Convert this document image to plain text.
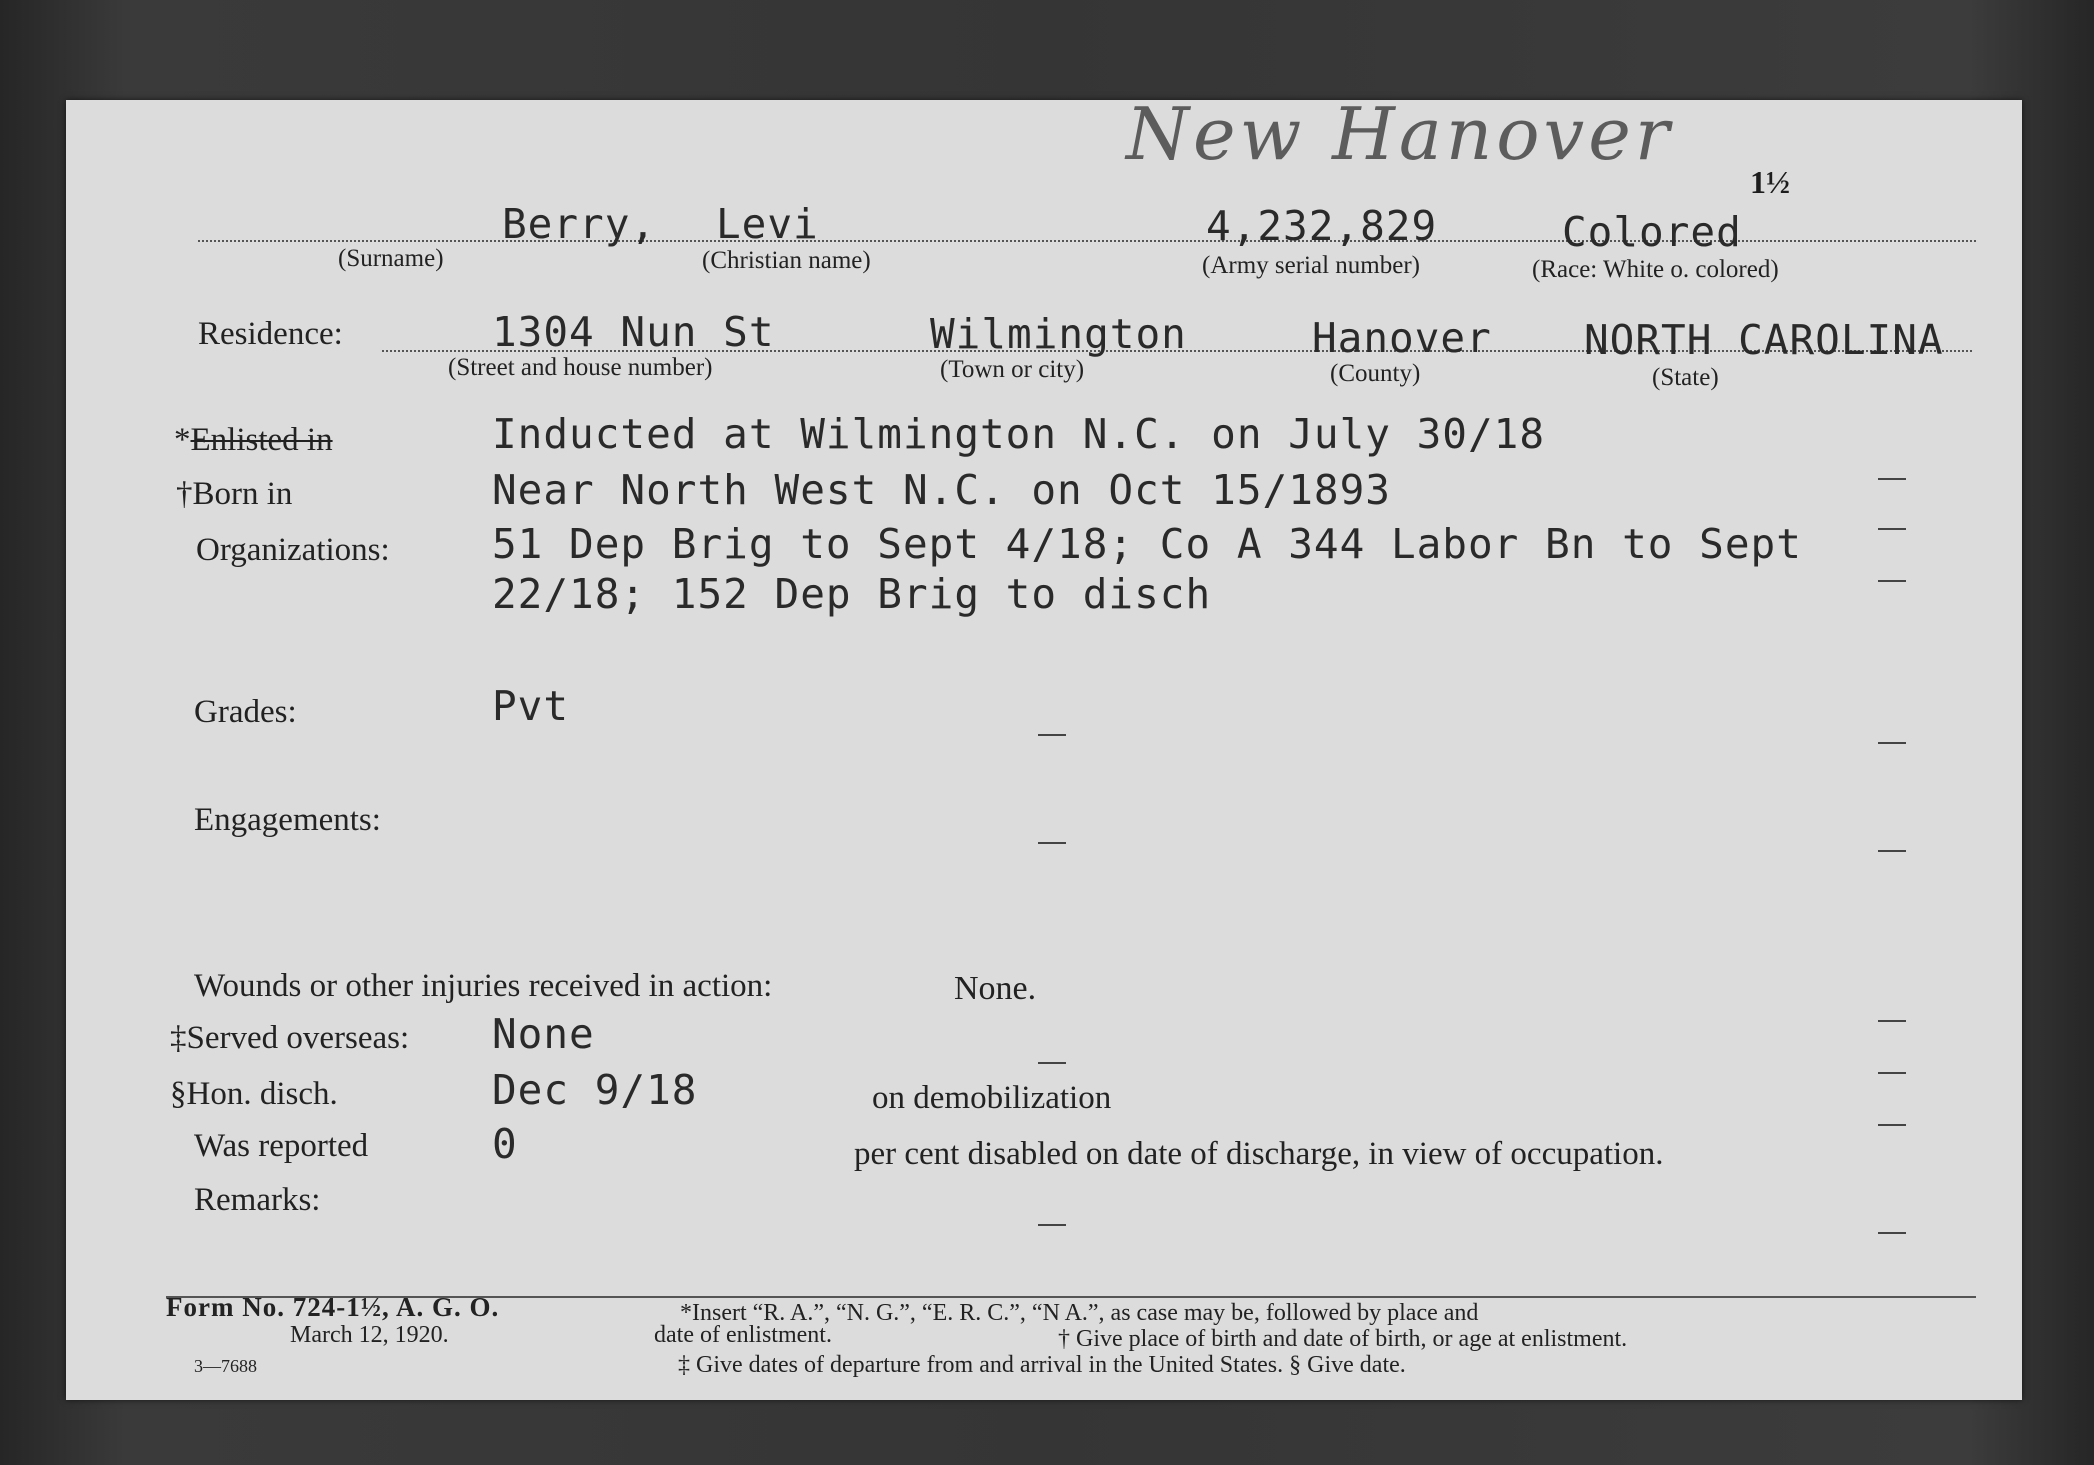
New Hanover
1½
Berry, Levi	4,232,829	Colored
(Surname)	(Christian name)	(Army serial number)	(Race: White o. colored)
Residence:	1304 Nun St	Wilmington	Hanover NORTH CAROLINA
(Street and house number)	(Town or city)	(County)	(State)
*Enlisted in	Inducted at Wilmington N.C. on July 30/18
†Born in	Near North West N.C. on Oct 15/1893
Organizations: 51 Dep Brig to Sept 4/18; Co A 344 Labor Bn to Sept
22/18; 152 Dep Brig to disch
Grades:	Pvt
Engagements:
Wounds or other injuries received in action:	None.
‡Served overseas: None
§Hon. disch.	Dec 9/18	on demobilization
Was reported	0	per cent disabled on date of discharge, in view of occupation.
Remarks:
Form No. 724-1½, A. G. O.
March 12, 1920.
3—7688
*Insert “R. A.”, “N. G.”, “E. R. C.”, “N A.”, as case may be, followed by place and
date of enlistment.	† Give place of birth and date of birth, or age at enlistment.
‡ Give dates of departure from and arrival in the United States. § Give date.
